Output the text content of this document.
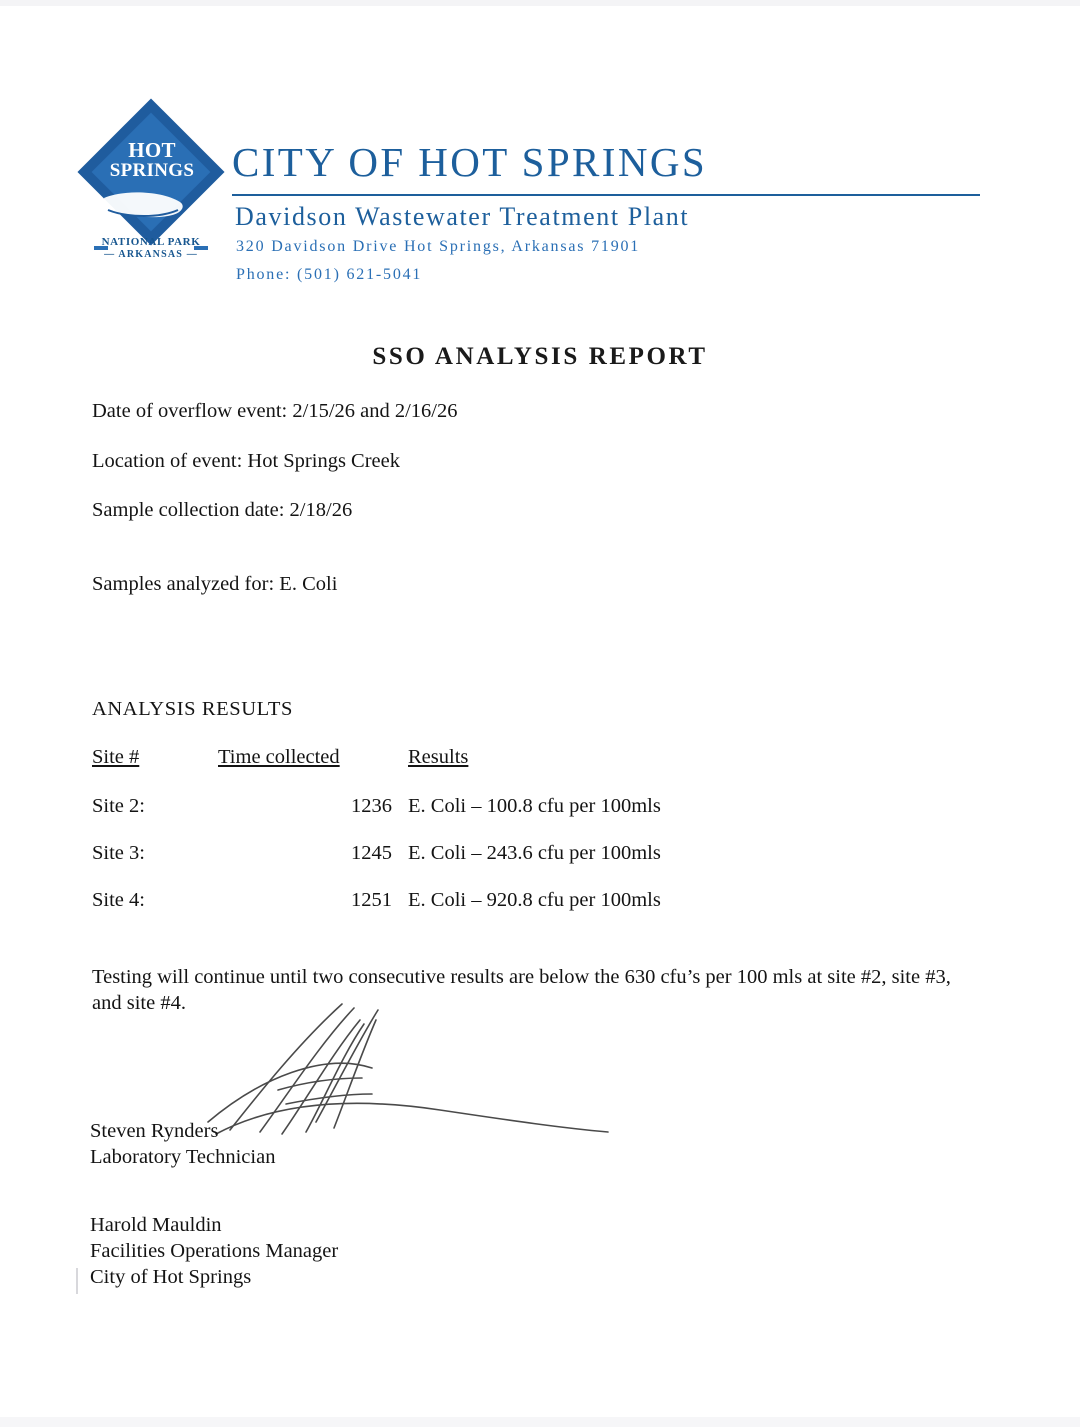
HOT
SPRINGS
NATIONAL PARK
— ARKANSAS —
CITY OF HOT SPRINGS
Davidson Wastewater Treatment Plant
320 Davidson Drive Hot Springs, Arkansas 71901
Phone: (501) 621-5041
SSO ANALYSIS REPORT
Date of overflow event: 2/15/26 and 2/16/26
Location of event: Hot Springs Creek
Sample collection date: 2/18/26
Samples analyzed for: E. Coli
ANALYSIS RESULTS
Site #	Time collected	Results
Site 2:	1236	E. Coli – 100.8 cfu per 100mls
Site 3:	1245	E. Coli – 243.6 cfu per 100mls
Site 4:	1251	E. Coli – 920.8 cfu per 100mls
Testing will continue until two consecutive results are below the 630 cfu’s per 100 mls at site #2, site #3, and site #4.
Steven Rynders
Laboratory Technician
Harold Mauldin
Facilities Operations Manager
City of Hot Springs
